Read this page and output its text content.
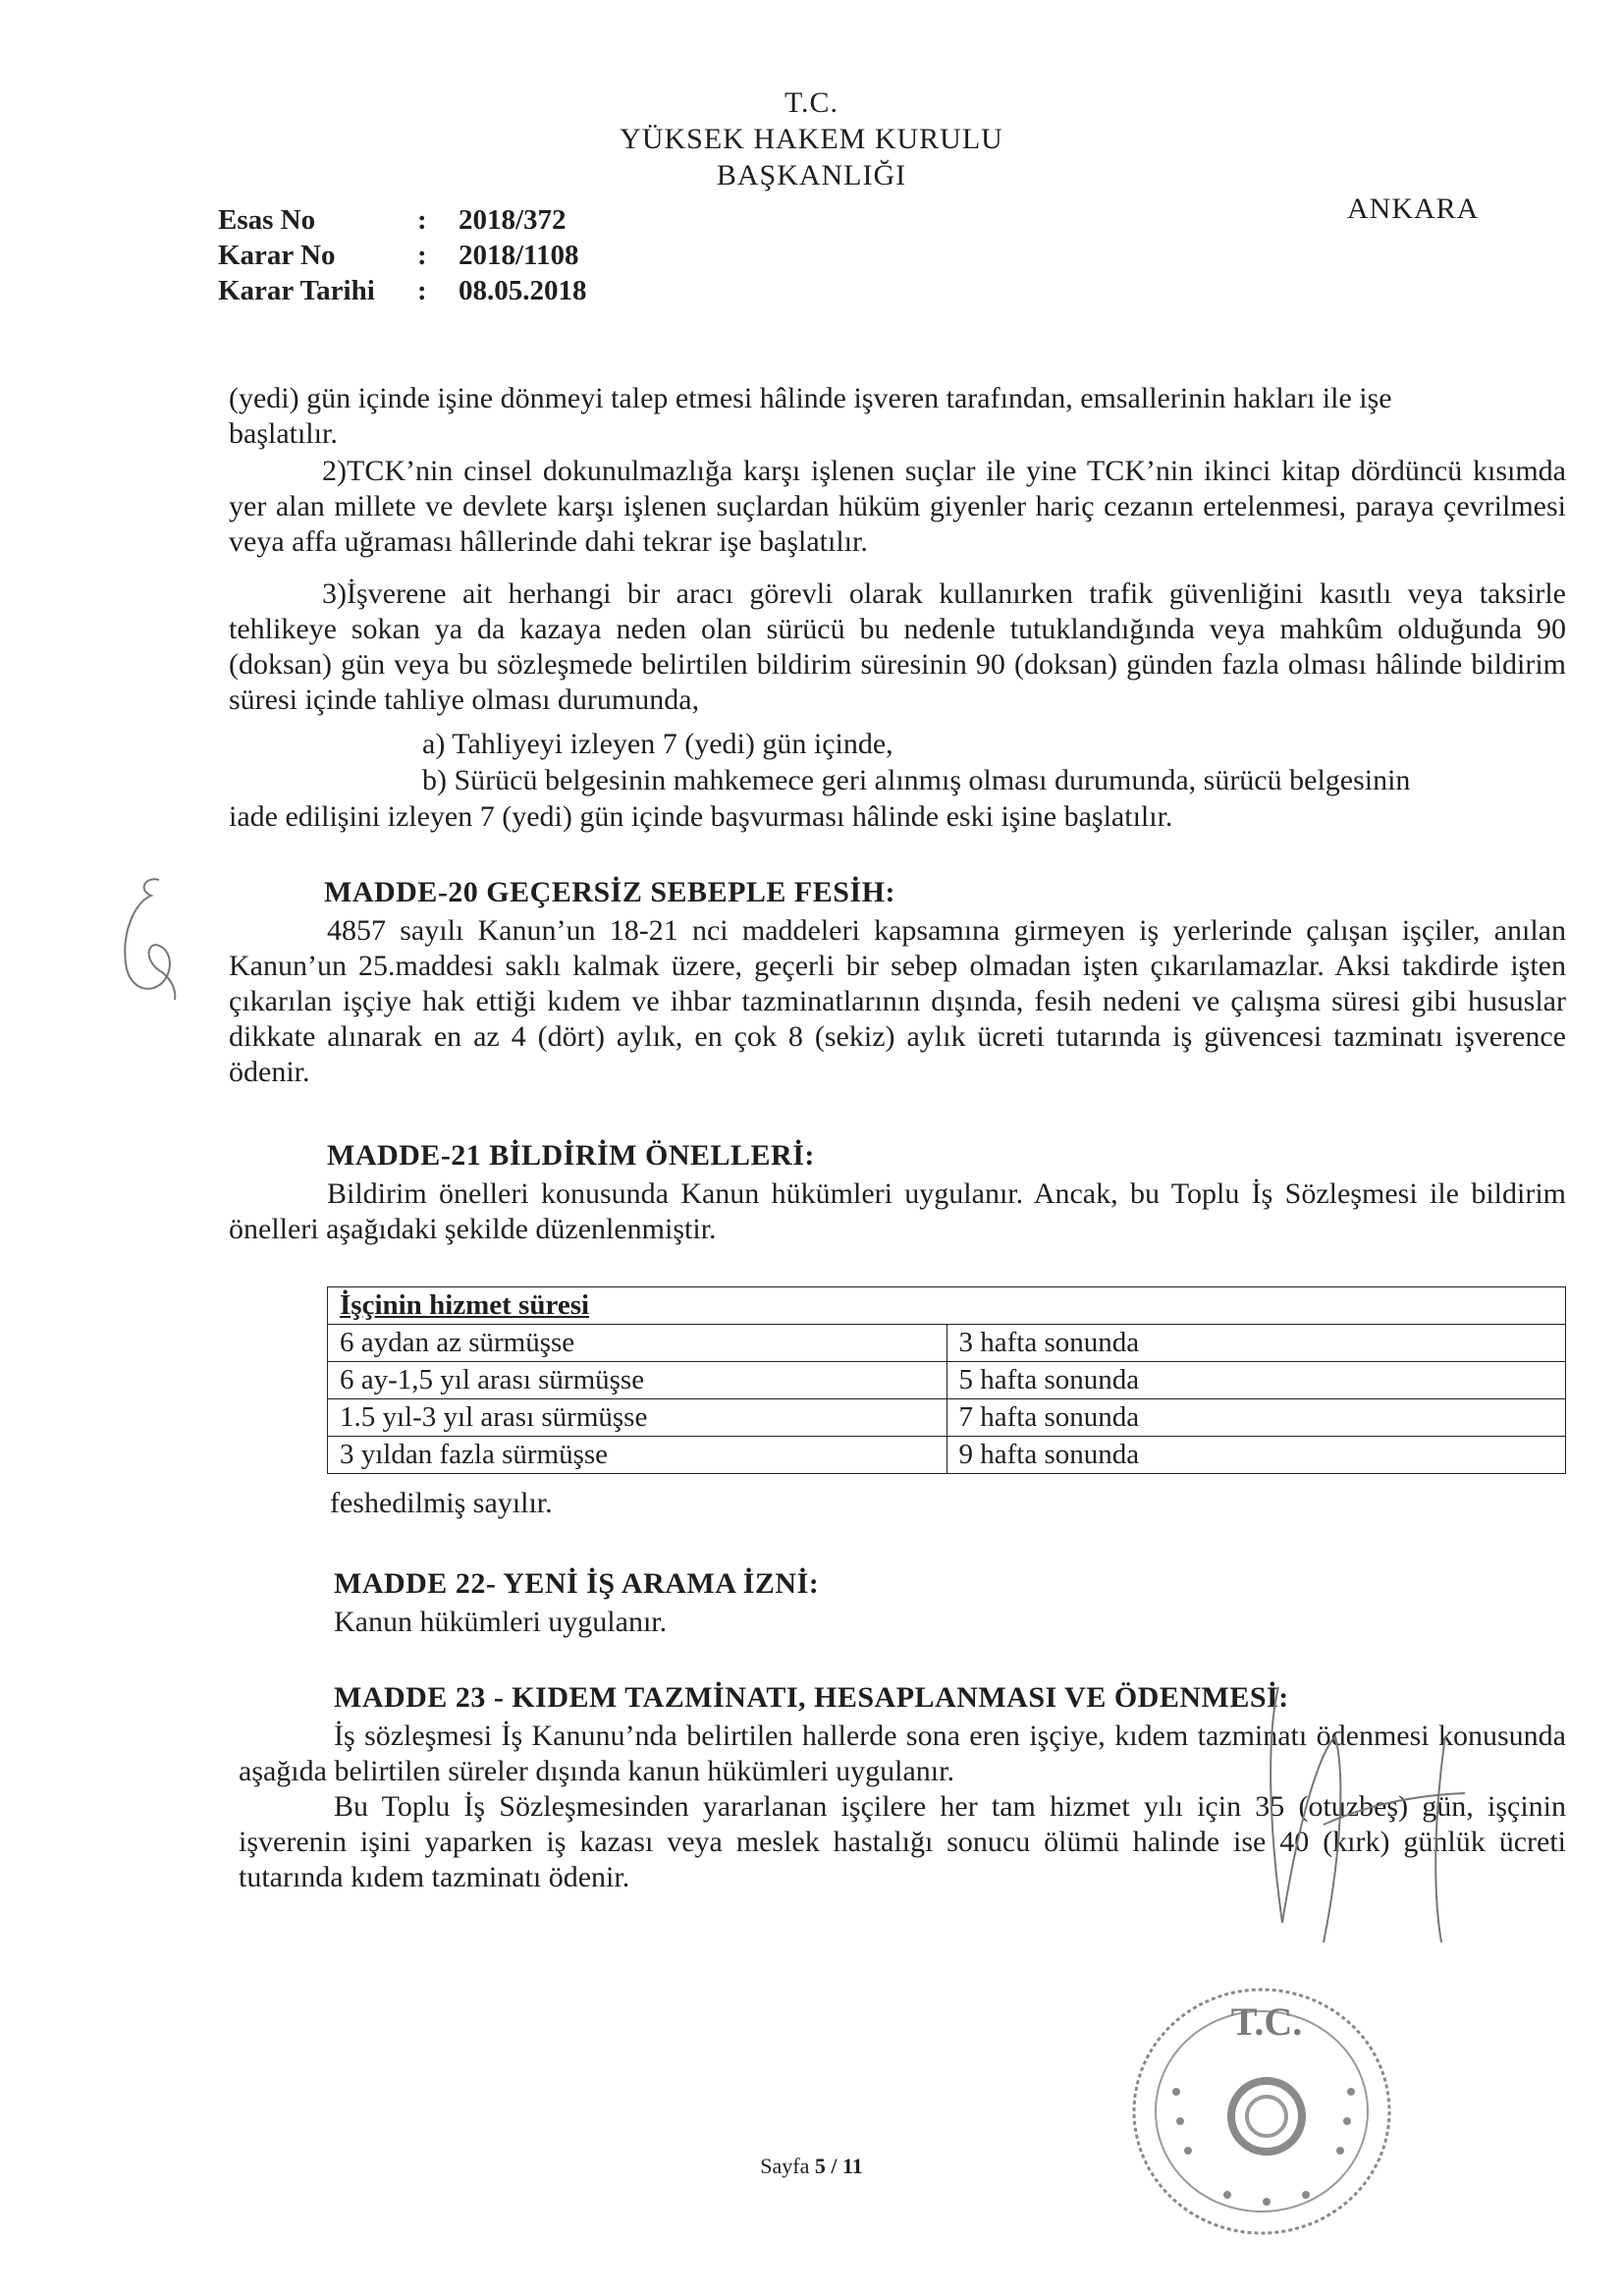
T.C.
YÜKSEK HAKEM KURULU
BAŞKANLIĞI
ANKARA
Esas No	:	2018/372
Karar No	:	2018/1108
Karar Tarihi	:	08.05.2018
(yedi) gün içinde işine dönmeyi talep etmesi hâlinde işveren tarafından, emsallerinin hakları ile işe
başlatılır.
2)TCK’nin cinsel dokunulmazlığa karşı işlenen suçlar ile yine TCK’nin ikinci kitap dördüncü kısımda yer alan millete ve devlete karşı işlenen suçlardan hüküm giyenler hariç cezanın ertelenmesi, paraya çevrilmesi veya affa uğraması hâllerinde dahi tekrar işe başlatılır.
3)İşverene ait herhangi bir aracı görevli olarak kullanırken trafik güvenliğini kasıtlı veya taksirle tehlikeye sokan ya da kazaya neden olan sürücü bu nedenle tutuklandığında veya mahkûm olduğunda 90 (doksan) gün veya bu sözleşmede belirtilen bildirim süresinin 90 (doksan) günden fazla olması hâlinde bildirim süresi içinde tahliye olması durumunda,
a) Tahliyeyi izleyen 7 (yedi) gün içinde,
b) Sürücü belgesinin mahkemece geri alınmış olması durumunda, sürücü belgesinin
iade edilişini izleyen 7 (yedi) gün içinde başvurması hâlinde eski işine başlatılır.
MADDE-20 GEÇERSİZ SEBEPLE FESİH:
4857 sayılı Kanun’un 18-21 nci maddeleri kapsamına girmeyen iş yerlerinde çalışan işçiler, anılan Kanun’un 25.maddesi saklı kalmak üzere, geçerli bir sebep olmadan işten çıkarılamazlar. Aksi takdirde işten çıkarılan işçiye hak ettiği kıdem ve ihbar tazminatlarının dışında, fesih nedeni ve çalışma süresi gibi hususlar dikkate alınarak en az 4 (dört) aylık, en çok 8 (sekiz) aylık ücreti tutarında iş güvencesi tazminatı işverence ödenir.
MADDE-21 BİLDİRİM ÖNELLERİ:
Bildirim önelleri konusunda Kanun hükümleri uygulanır. Ancak, bu Toplu İş Sözleşmesi ile bildirim önelleri aşağıdaki şekilde düzenlenmiştir.
İşçinin hizmet süresi	
6 aydan az sürmüşse	3 hafta sonunda
6 ay-1,5 yıl arası sürmüşse	5 hafta sonunda
1.5 yıl-3 yıl arası sürmüşse	7 hafta sonunda
3 yıldan fazla sürmüşse	9 hafta sonunda
feshedilmiş sayılır.
MADDE 22- YENİ İŞ ARAMA İZNİ:
Kanun hükümleri uygulanır.
MADDE 23 - KIDEM TAZMİNATI, HESAPLANMASI VE ÖDENMESİ:
İş sözleşmesi İş Kanunu’nda belirtilen hallerde sona eren işçiye, kıdem tazminatı ödenmesi konusunda aşağıda belirtilen süreler dışında kanun hükümleri uygulanır.
Bu Toplu İş Sözleşmesinden yararlanan işçilere her tam hizmet yılı için 35 (otuzbeş) gün, işçinin işverenin işini yaparken iş kazası veya meslek hastalığı sonucu ölümü halinde ise 40 (kırk) günlük ücreti tutarında kıdem tazminatı ödenir.
T.C.
Sayfa 5 / 11
